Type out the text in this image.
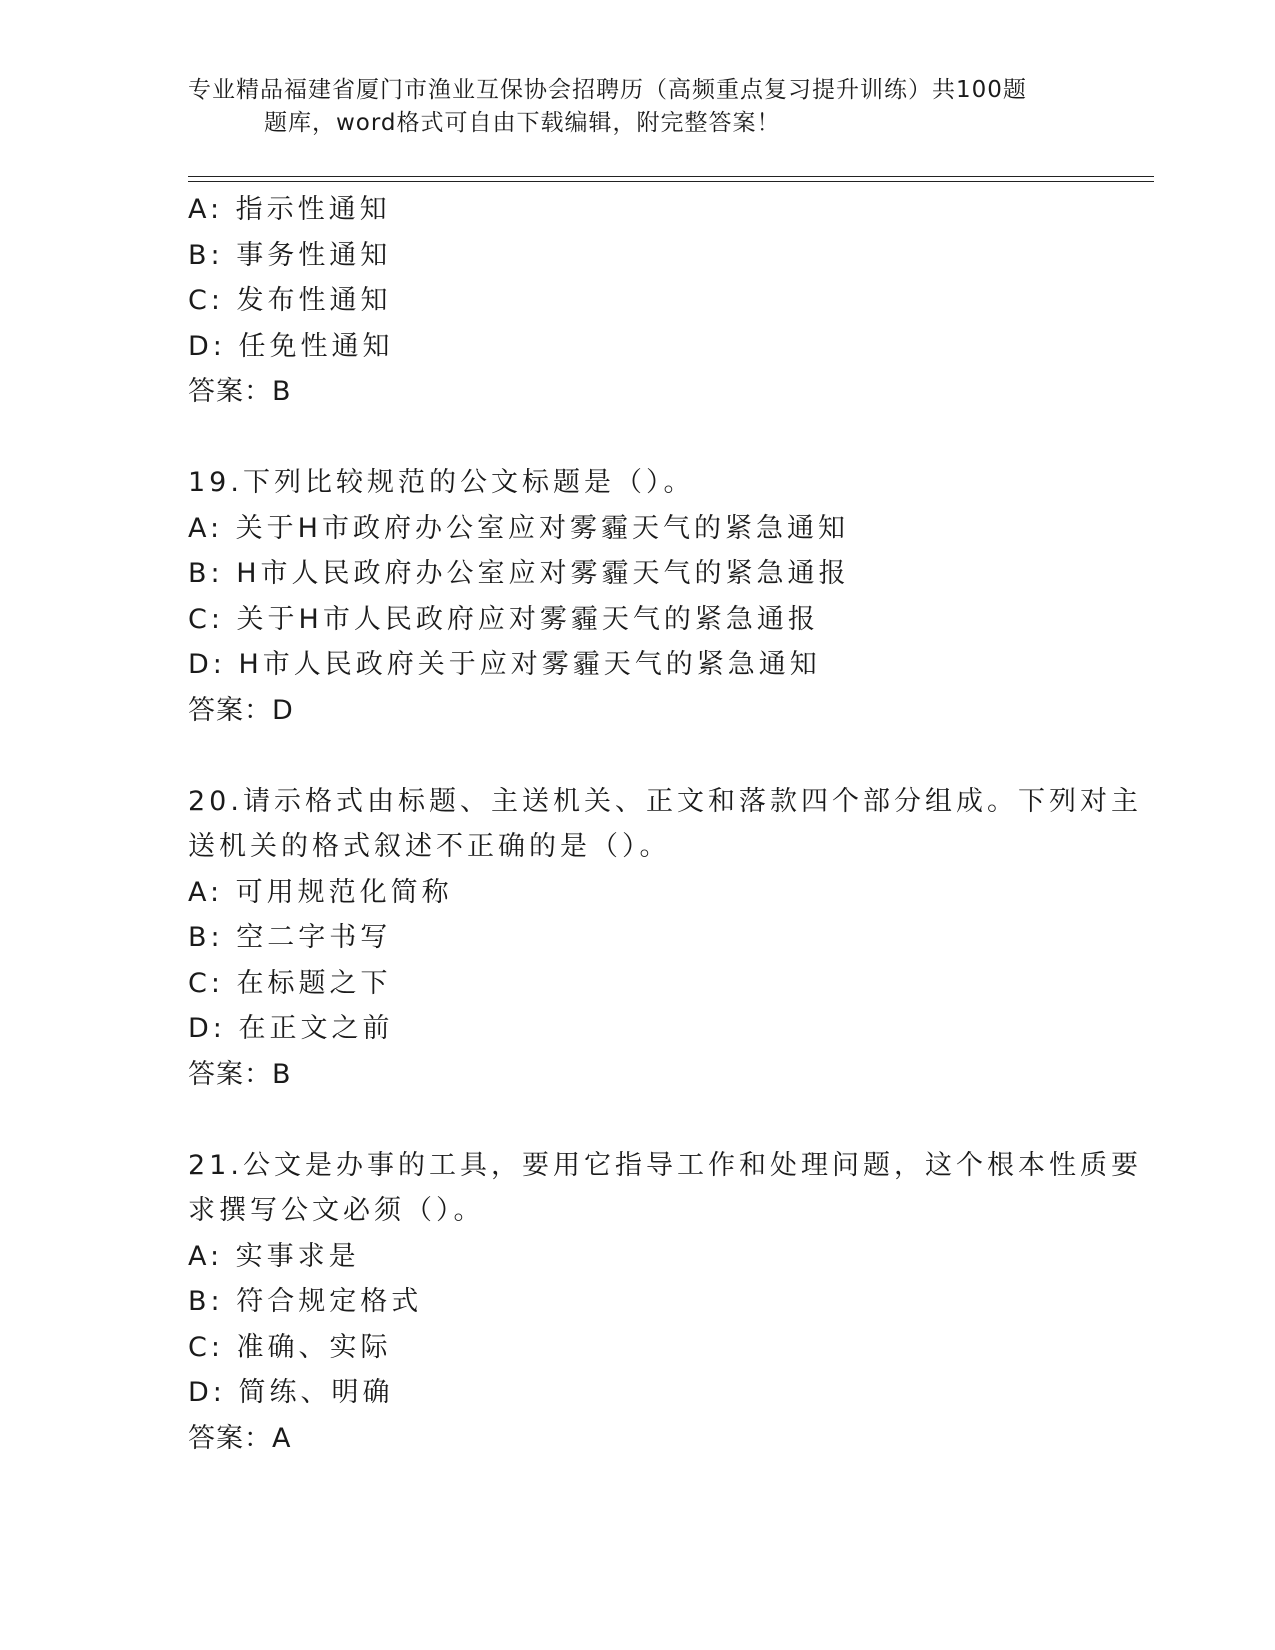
专业精品福建省厦门市渔业互保协会招聘历（高频重点复习提升训练）共100题
题库，word格式可自由下载编辑，附完整答案！
A: 指示性通知
B: 事务性通知
C: 发布性通知
D: 任免性通知
答案：B
19.下列比较规范的公文标题是（）。
A: 关于H市政府办公室应对雾霾天气的紧急通知
B: H市人民政府办公室应对雾霾天气的紧急通报
C: 关于H市人民政府应对雾霾天气的紧急通报
D: H市人民政府关于应对雾霾天气的紧急通知
答案：D
20.请示格式由标题、主送机关、正文和落款四个部分组成。下列对主
送机关的格式叙述不正确的是（）。
A: 可用规范化简称
B: 空二字书写
C: 在标题之下
D: 在正文之前
答案：B
21.公文是办事的工具，要用它指导工作和处理问题，这个根本性质要
求撰写公文必须（）。
A: 实事求是
B: 符合规定格式
C: 准确、实际
D: 简练、明确
答案：A
